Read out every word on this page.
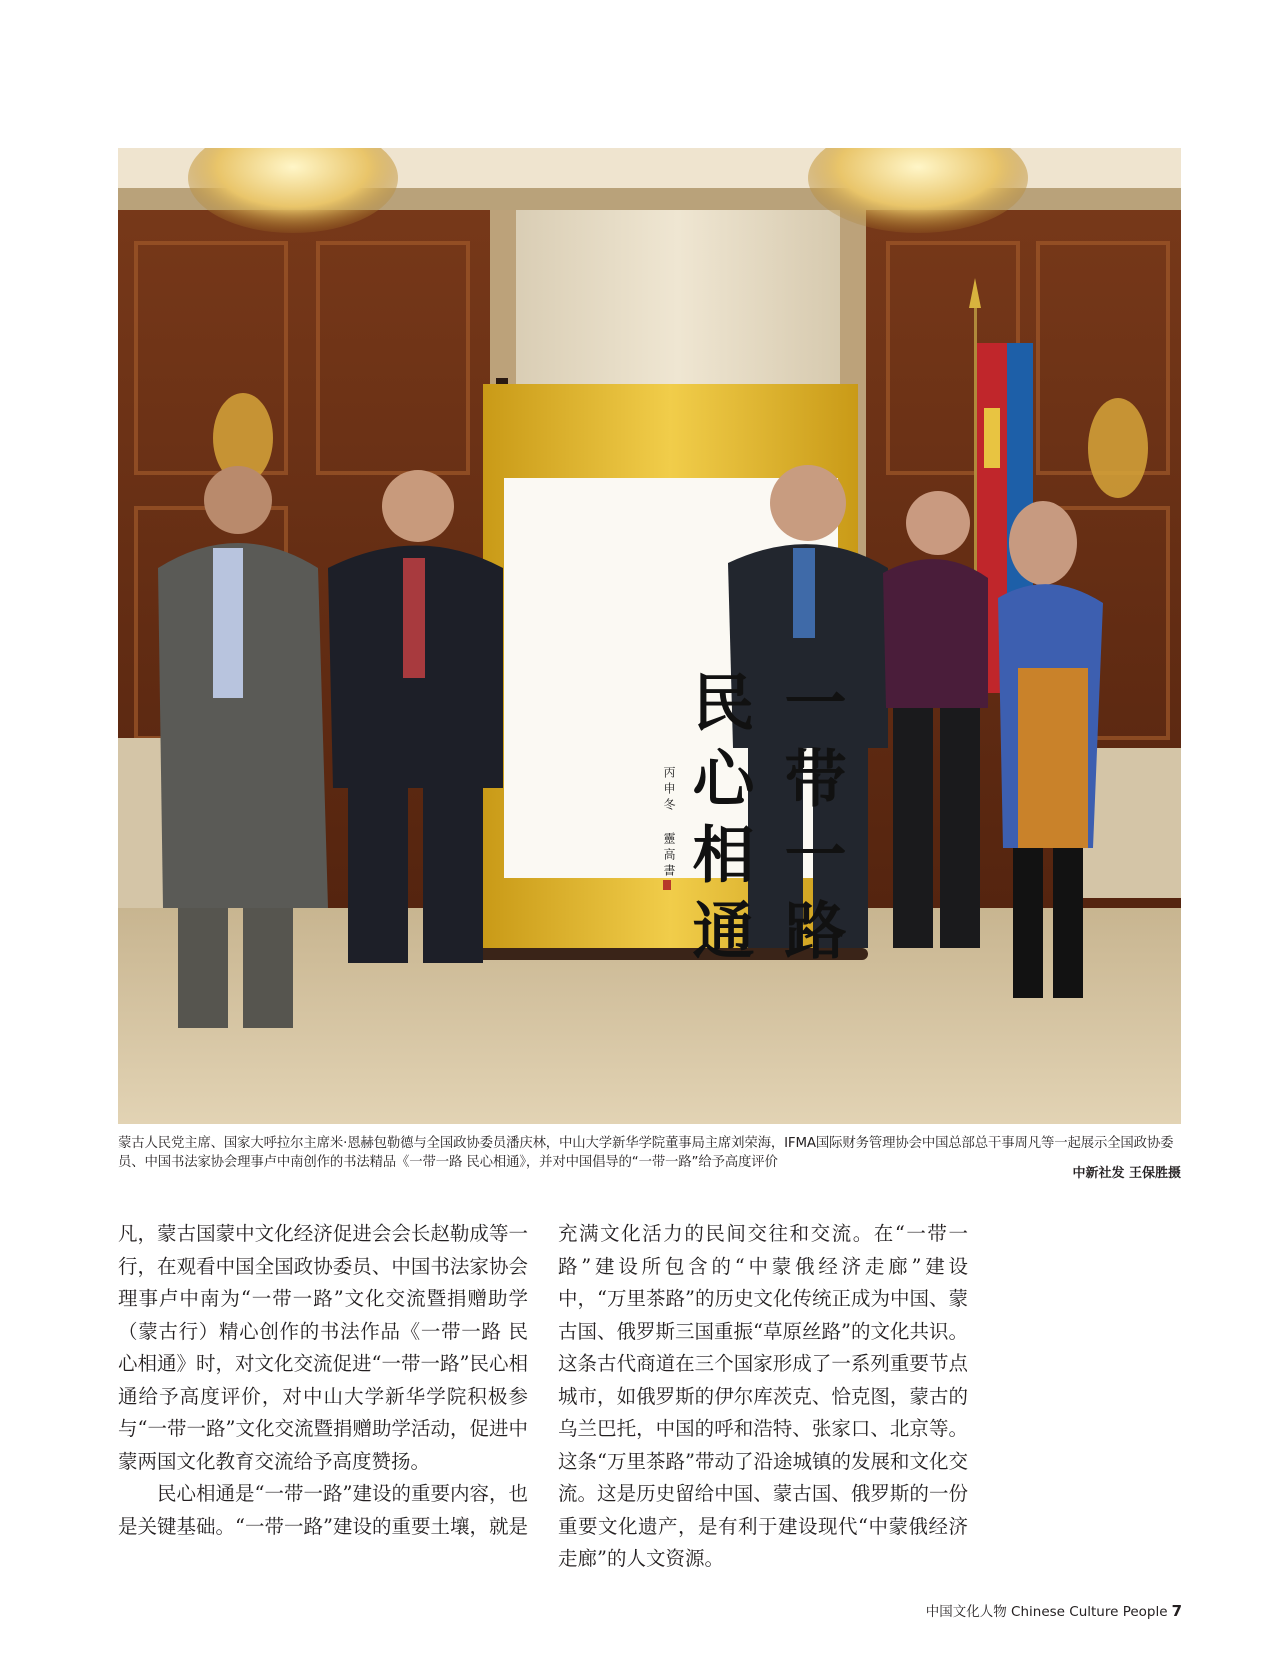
一带一路
民心相通
丙申冬 靈高書
蒙古人民党主席、国家大呼拉尔主席米·恩赫包勒德与全国政协委员潘庆林，中山大学新华学院董事局主席刘荣海，IFMA国际财务管理协会中国总部总干事周凡等一起展示全国政协委员、中国书法家协会理事卢中南创作的书法精品《一带一路 民心相通》，并对中国倡导的“一带一路”给予高度评价
中新社发 王保胜摄

凡，蒙古国蒙中文化经济促进会会长赵勒成等一行，在观看中国全国政协委员、中国书法家协会理事卢中南为“一带一路”文化交流暨捐赠助学（蒙古行）精心创作的书法作品《一带一路 民心相通》时，对文化交流促进“一带一路”民心相通给予高度评价，对中山大学新华学院积极参与“一带一路”文化交流暨捐赠助学活动，促进中蒙两国文化教育交流给予高度赞扬。

民心相通是“一带一路”建设的重要内容，也是关键基础。“一带一路”建设的重要土壤，就是

充满文化活力的民间交往和交流。在“一带一路”建设所包含的“中蒙俄经济走廊”建设中，“万里茶路”的历史文化传统正成为中国、蒙古国、俄罗斯三国重振“草原丝路”的文化共识。这条古代商道在三个国家形成了一系列重要节点城市，如俄罗斯的伊尔库茨克、恰克图，蒙古的乌兰巴托，中国的呼和浩特、张家口、北京等。这条“万里茶路”带动了沿途城镇的发展和文化交流。这是历史留给中国、蒙古国、俄罗斯的一份重要文化遗产，是有利于建设现代“中蒙俄经济走廊”的人文资源。

中国文化人物 Chinese Culture People 7
